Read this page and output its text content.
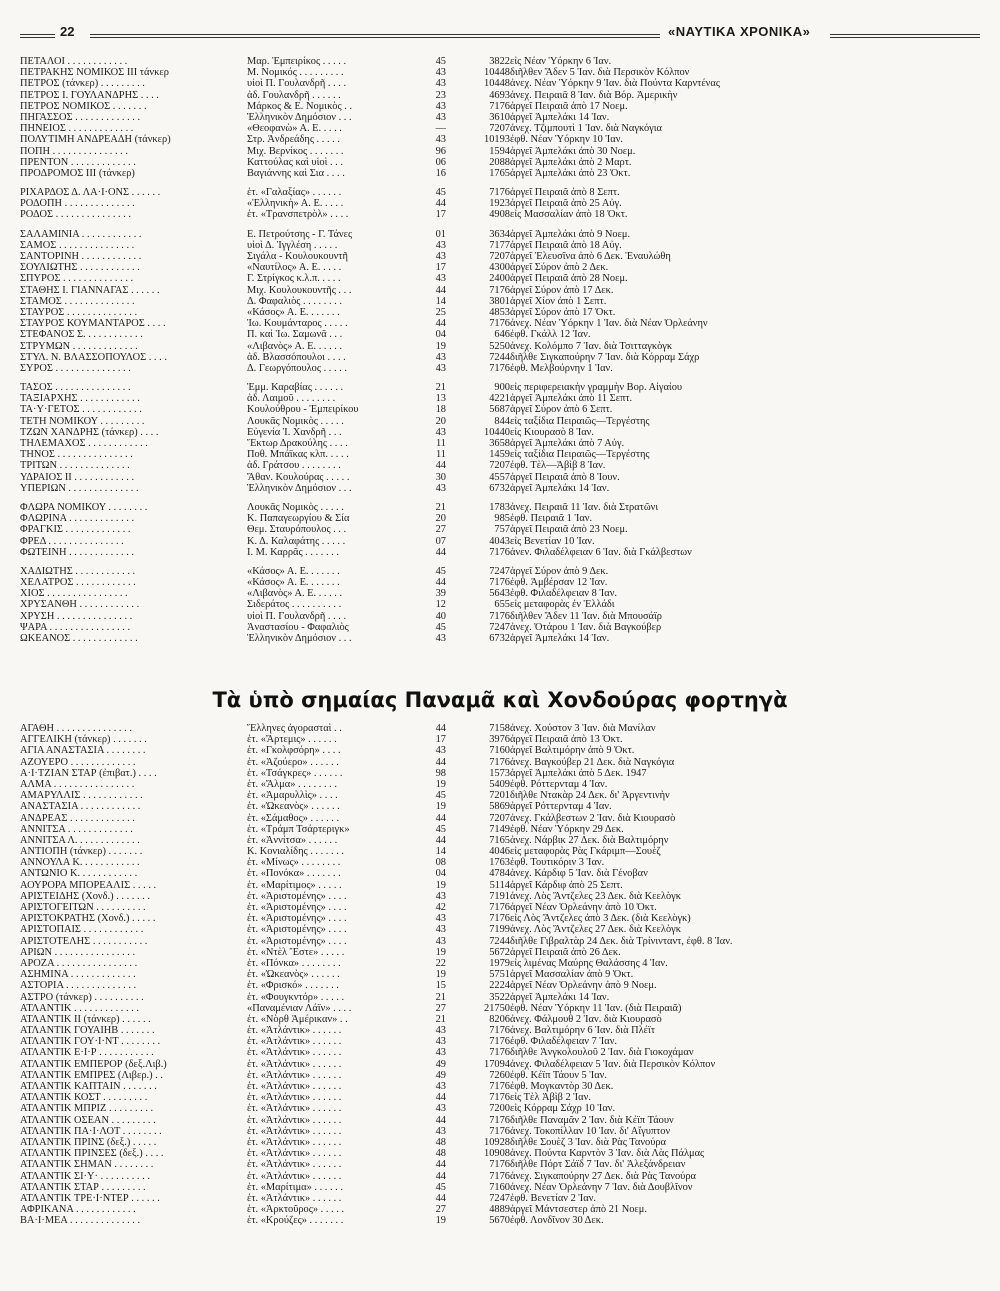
22	«ΝΑΥΤΙΚΑ ΧΡΟΝΙΚΑ»
ΠΕΤΑΛΟΙ . . . . . . . . . . . .	Μαρ. Ἐμπειρίκος . . . . .	45	3822 εἰς Νέαν Ὑόρκην 6 Ἰαν.
ΠΕΤΡΑΚΗΣ ΝΟΜΙΚΟΣ ΙΙΙ τάνκερ	Μ. Νομικός . . . . . . . . .	43	10448 διῆλθεν Ἄδεν 5 Ἰαν. διὰ Περσικὸν Κόλπον
ΠΕΤΡΟΣ (τάνκερ) . . . . . . . . .	υἱοὶ Π. Γουλανδρῆ . . . .	43	10448 ἀνεχ. Νέαν Ὑόρκην 9 Ἰαν. διὰ Πούντα Καρντένας
ΠΕΤΡΟΣ Ι. ΓΟΥΛΑΝΔΡΗΣ . . . .	ἀδ. Γουλανδρῆ . . . . . .	23	4693 ἀνεχ. Πειραιᾶ 8 Ἰαν. διὰ Βόρ. Ἀμερικὴν
ΠΕΤΡΟΣ ΝΟΜΙΚΟΣ . . . . . . .	Μάρκος & Ε. Νομικὸς . .	43	7176 ἀργεῖ Πειραιᾶ ἀπὸ 17 Νοεμ.
ΠΗΓΑΣΣΟΣ . . . . . . . . . . . . .	Ἑλληνικὸν Δημόσιον . . .	43	3610 ἀργεῖ Ἀμπελάκι 14 Ἰαν.
ΠΗΝΕΙΟΣ . . . . . . . . . . . . .	«Θεοφανὼ» Α. Ε. . . . .	—	7207 ἀνεχ. Τζιμπουτὶ 1 Ἰαν. διὰ Ναγκόγια
ΠΟΛΥΤΙΜΗ ΑΝΔΡΕΑΔΗ (τάνκερ)	Στρ. Ἀνδρεάδης . . . . .	43	10193 ἐφθ. Νέαν Ὑόρκην 10 Ἰαν.
ΠΟΠΗ . . . . . . . . . . . . . . .	Μιχ. Βερνίκος . . . . . . .	96	1594 ἀργεῖ Ἀμπελάκι ἀπὸ 30 Νοεμ.
ΠΡΕΝΤΟΝ . . . . . . . . . . . . .	Καττούλας καὶ υἱοὶ . . .	06	2088 ἀργεῖ Ἀμπελάκι ἀπὸ 2 Μαρτ.
ΠΡΟΔΡΟΜΟΣ ΙΙΙ (τάνκερ)	Βαγιάννης καὶ Σια . . . .	16	1765 ἀργεῖ Ἀμπελάκι ἀπὸ 23 Ὀκτ.
ΡΙΧΑΡΔΟΣ Δ. ΛΑ·Ι·ΟΝΣ . . . . . .	ἑτ. «Γαλαξίας» . . . . . .	45	7176 ἀργεῖ Πειραιᾶ ἀπὸ 8 Σεπτ.
ΡΟΔΟΠΗ . . . . . . . . . . . . . .	«Ἑλληνικὴ» Α. Ε. . . . .	44	1923 ἀργεῖ Πειραιᾶ ἀπὸ 25 Αὐγ.
ΡΟΔΟΣ . . . . . . . . . . . . . . .	ἑτ. «Τρανσπετρὸλ» . . . .	17	4908 εἰς Μασσαλίαν ἀπὸ 18 Ὀκτ.
ΣΑΛΑΜΙΝΙΑ . . . . . . . . . . . .	Ε. Πετρούτσης - Γ. Τάνες	01	3634 ἀργεῖ Ἀμπελάκι ἀπὸ 9 Νοεμ.
ΣΑΜΟΣ . . . . . . . . . . . . . . .	υἱοὶ Δ. Ἰγγλέση . . . . .	43	7177 ἀργεῖ Πειραιᾶ ἀπὸ 18 Αὐγ.
ΣΑΝΤΟΡΙΝΗ . . . . . . . . . . . .	Σιγάλα - Κουλουκουντῆ	43	7207 ἀργεῖ Ἐλευσῖνα ἀπὸ 6 Δεκ. Ἐναυλώθη
ΣΟΥΛΙΩΤΗΣ . . . . . . . . . . . .	«Ναυτίλος» Α. Ε. . . . .	17	4300 ἀργεῖ Σύρον ἀπὸ 2 Δεκ.
ΣΠΥΡΟΣ . . . . . . . . . . . . . .	Γ. Στρίγκος κ.λ.π. . . . .	43	2400 ἀργεῖ Πειραιᾶ ἀπὸ 28 Νοεμ.
ΣΤΑΘΗΣ Ι. ΓΙΑΝΝΑΓΑΣ . . . . . .	Μιχ. Κουλουκουντῆς . . .	44	7176 ἀργεῖ Σύρον ἀπὸ 17 Δεκ.
ΣΤΑΜΟΣ . . . . . . . . . . . . . .	Δ. Φαφαλιὸς . . . . . . . .	14	3801 ἀργεῖ Χίον ἀπὸ 1 Σεπτ.
ΣΤΑΥΡΟΣ . . . . . . . . . . . . . .	«Κάσος» Α. Ε. . . . . . .	25	4853 ἀργεῖ Σύρον ἀπὸ 17 Ὀκτ.
ΣΤΑΥΡΟΣ ΚΟΥΜΑΝΤΑΡΟΣ . . . .	Ἰω. Κουμάνταρος . . . . .	44	7176 ἀνεχ. Νέαν Ὑόρκην 1 Ἰαν. διὰ Νέαν Ὀρλεάνην
ΣΤΕΦΑΝΟΣ Σ. . . . . . . . . . . .	Π. καὶ Ἰω. Σαμωνᾶ . . .	04	646 ἐφθ. Γκάλλ 12 Ἰαν.
ΣΤΡΥΜΩΝ . . . . . . . . . . . . .	«Λιβανὸς» Α. Ε. . . . . .	19	5250 ἀνεχ. Κολόμπο 7 Ἰαν. διὰ Τσιτταγκὸγκ
ΣΤΥΛ. Ν. ΒΛΑΣΣΟΠΟΥΛΟΣ . . . .	ἀδ. Βλασσόπουλοι . . . .	43	7244 διῆλθε Σιγκαπούρην 7 Ἰαν. διὰ Κόρραμ Σάχρ
ΣΥΡΟΣ . . . . . . . . . . . . . . .	Δ. Γεωργόπουλος . . . . .	43	7176 ἐφθ. Μελβούρνην 1 Ἰαν.
ΤΑΣΟΣ . . . . . . . . . . . . . . .	Ἐμμ. Καραβίας . . . . . .	21	900 εἰς περιφερειακὴν γραμμὴν Βορ. Αἰγαίου
ΤΑΞΙΑΡΧΗΣ . . . . . . . . . . . .	ἀδ. Λαιμοῦ . . . . . . . .	13	4221 ἀργεῖ Ἀμπελάκι ἀπὸ 11 Σεπτ.
ΤΑ·Υ·ΓΕΤΟΣ . . . . . . . . . . . .	Κουλούθρου - Ἐμπειρίκου	18	5687 ἀργεῖ Σύρον ἀπὸ 6 Σεπτ.
ΤΕΤΗ ΝΟΜΙΚΟΥ . . . . . . . . .	Λουκᾶς Νομικὸς . . . . .	20	844 εἰς ταξίδια Πειραιῶς—Τεργέστης
ΤΖΩΝ ΧΑΝΔΡΗΣ (τάνκερ) . . . .	Εὐγενία Ἰ. Χανδρῆ . . .	43	10440 εἰς Κιουρασὸ 8 Ἰαν.
ΤΗΛΕΜΑΧΟΣ . . . . . . . . . . . .	Ἕκτωρ Δρακούλης . . . .	11	3658 ἀργεῖ Ἀμπελάκι ἀπὸ 7 Αὐγ.
ΤΗΝΟΣ . . . . . . . . . . . . . . .	Ποθ. Μπάϊκας κλπ. . . . .	11	1459 εἰς ταξίδια Πειραιῶς—Τεργέστης
ΤΡΙΤΩΝ . . . . . . . . . . . . . .	ἀδ. Γράτσου . . . . . . . .	44	7207 ἐφθ. Τὲλ—Ἀβὶβ 8 Ἰαν.
ΥΔΡΑΙΟΣ ΙΙ . . . . . . . . . . . .	Ἄθαν. Κουλούρας . . . . .	30	4557 ἀργεῖ Πειραιᾶ ἀπὸ 8 Ἰουν.
ΥΠΕΡΙΩΝ . . . . . . . . . . . . . .	Ἑλληνικὸν Δημόσιον . . .	43	6732 ἀργεῖ Ἀμπελάκι 14 Ἰαν.
ΦΛΩΡΑ ΝΟΜΙΚΟΥ . . . . . . . .	Λουκᾶς Νομικὸς . . . . .	21	1783 ἀνεχ. Πειραιᾶ 11 Ἰαν. διὰ Στρατῶνι
ΦΛΩΡΙΝΑ . . . . . . . . . . . . .	Κ. Παπαγεωργίου & Σία	20	985 ἐφθ. Πειραιᾶ 1 Ἰαν.
ΦΡΑΓΚΙΣ . . . . . . . . . . . . .	Θεμ. Σταυρόπουλος . . .	27	757 ἀργεῖ Πειραιᾶ ἀπὸ 23 Νοεμ.
ΦΡΕΔ . . . . . . . . . . . . . . .	Κ. Δ. Καλαφάτης . . . . .	07	4043 εἰς Βενετίαν 10 Ἰαν.
ΦΩΤΕΙΝΗ . . . . . . . . . . . . .	Ι. Μ. Καρρᾶς . . . . . . .	44	7176 ἀνεν. Φιλαδέλφειαν 6 Ἰαν. διὰ Γκάλβεστων
ΧΑΔΙΩΤΗΣ . . . . . . . . . . . .	«Κάσος» Α. Ε. . . . . . .	45	7247 ἀργεῖ Σύρον ἀπὸ 9 Δεκ.
ΧΕΛΑΤΡΟΣ . . . . . . . . . . . .	«Κάσος» Α. Ε. . . . . . .	44	7176 ἐφθ. Ἀμβέρσαν 12 Ἰαν.
ΧΙΟΣ . . . . . . . . . . . . . . . .	«Λιβανὸς» Α. Ε. . . . . .	39	5643 ἐφθ. Φιλαδέλφειαν 8 Ἰαν.
ΧΡΥΣΑΝΘΗ . . . . . . . . . . . .	Σιδεράτος . . . . . . . . . .	12	655 εἰς μεταφορὰς ἐν Ἑλλάδι
ΧΡΥΣΗ . . . . . . . . . . . . . . .	υἱοὶ Π. Γουλανδρῆ . . . .	40	7176 διῆλθεν Ἄδεν 11 Ἰαν. διὰ Μπουσάϊρ
ΨΑΡΑ . . . . . . . . . . . . . . . .	Ἀναστασίου - Φαφαλιὸς	45	7247 ἀνεχ. Ὀτάρου 1 Ἰαν. διὰ Βαγκούβερ
ΩΚΕΑΝΟΣ . . . . . . . . . . . . .	Ἑλληνικὸν Δημόσιον . . .	43	6732 ἀργεῖ Ἀμπελάκι 14 Ἰαν.
Τὰ ὑπὸ σημαίας Παναμᾶ καὶ Χονδούρας φορτηγὰ
ΑΓΑΘΗ . . . . . . . . . . . . . . .	Ἕλληνες ἀγορασταὶ . .	44	7158 ἀνεχ. Χούστον 3 Ἰαν. διὰ Μανίλαν
ΑΓΓΕΛΙΚΗ (τάνκερ) . . . . . . .	ἑτ. «Ἄρτεμις» . . . . . .	17	3976 ἀργεῖ Πειραιᾶ ἀπὸ 13 Ὀκτ.
ΑΓΙΑ ΑΝΑΣΤΑΣΙΑ . . . . . . . .	ἑτ. «Γκολφσόρη» . . . .	43	7160 ἀργεῖ Βαλτιμόρην ἀπὸ 9 Ὀκτ.
ΑΖΟΥΕΡΟ . . . . . . . . . . . . .	ἑτ. «Ἀζούερο» . . . . . .	44	7176 ἀνεχ. Βαγκούβερ 21 Δεκ. διὰ Ναγκόγια
Α·Ι·ΤΖΙΑΝ ΣΤΑΡ (ἐπιβατ.) . . . .	ἑτ. «Τσάγκρες» . . . . . .	98	1573 ἀργεῖ Ἀμπελάκι ἀπὸ 5 Δεκ. 1947
ΑΛΜΑ . . . . . . . . . . . . . . . .	ἑτ. «Ἄλμα» . . . . . . . .	19	5409 ἐφθ. Ρόττερνταμ 4 Ἰαν.
ΑΜΑΡΥΛΛΙΣ . . . . . . . . . . . .	ἑτ. «Ἀμαρυλλὶς» . . . .	45	7201 διῆλθε Ντακὰρ 24 Δεκ. δι' Ἀργεντινὴν
ΑΝΑΣΤΑΣΙΑ . . . . . . . . . . . .	ἑτ. «Ὠκεανὸς» . . . . . .	19	5869 ἀργεῖ Ρόττερνταμ 4 Ἰαν.
ΑΝΔΡΕΑΣ . . . . . . . . . . . . .	ἑτ. «Σάμαθος» . . . . . .	44	7207 ἀνεχ. Γκάλβεστων 2 Ἰαν. διὰ Κιουρασὸ
ΑΝΝΙΤΣΑ . . . . . . . . . . . . .	ἑτ. «Τράμπ Τσάρτεριγκ»	45	7149 ἐφθ. Νέαν Ὑόρκην 29 Δεκ.
ΑΝΝΙΤΣΑ Λ. . . . . . . . . . . . .	ἑτ. «Ἀννίτσα» . . . . . .	44	7165 ἀνεχ. Νάρβικ 27 Δεκ. διὰ Βαλτιμόρην
ΑΝΤΙΟΠΗ (τάνκερ) . . . . . . .	Κ. Κονιαλίδης . . . . . . .	14	4046 εἰς μεταφορὰς Ρὰς Γκάριμπ—Σουὲζ
ΑΝΝΟΥΛΑ Κ. . . . . . . . . . . .	ἑτ. «Μίνως» . . . . . . . .	08	1763 ἐφθ. Τουτικόριν 3 Ἰαν.
ΑΝΤΩΝΙΟ Κ. . . . . . . . . . . .	ἑτ. «Πονόκα» . . . . . . .	04	4784 ἀνεχ. Κάρδιφ 5 Ἰαν. διὰ Γένοβαν
ΑΟΥΡΟΡΑ ΜΠΟΡΕΑΛΙΣ . . . . .	ἑτ. «Μαρίτιμος» . . . . .	19	5114 ἀργεῖ Κάρδιφ ἀπὸ 25 Σεπτ.
ΑΡΙΣΤΕΙΔΗΣ (Χονδ.) . . . . . . .	ἑτ. «Ἀριστομένης» . . . .	43	7191 ἀνεχ. Λὸς Ἄντζελες 23 Δεκ. διὰ Κεελὸγκ
ΑΡΙΣΤΟΓΕΙΤΩΝ . . . . . . . . . .	ἑτ. «Ἀριστομένης» . . . .	42	7176 ἀργεῖ Νέαν Ὀρλεάνην ἀπὸ 10 Ὀκτ.
ΑΡΙΣΤΟΚΡΑΤΗΣ (Χονδ.) . . . . .	ἑτ. «Ἀριστομένης» . . . .	43	7176 εἰς Λὸς Ἄντζελες ἀπὸ 3 Δεκ. (διὰ Κεελὸγκ)
ΑΡΙΣΤΟΠΑΙΣ . . . . . . . . . . . .	ἑτ. «Ἀριστομένης» . . . .	43	7199 ἀνεχ. Λὸς Ἄντζελες 27 Δεκ. διὰ Κεελὸγκ
ΑΡΙΣΤΟΤΕΛΗΣ . . . . . . . . . . .	ἑτ. «Ἀριστομένης» . . . .	43	7244 διῆλθε Γιβραλτὰρ 24 Δεκ. διὰ Τρίνινταντ, ἐφθ. 8 Ἰαν.
ΑΡΙΩΝ . . . . . . . . . . . . . . . .	ἑτ. «Ντὲλ Ἔστε» . . . . .	19	5672 ἀργεῖ Πειραιᾶ ἀπὸ 26 Δεκ.
ΑΡΟΖΑ . . . . . . . . . . . . . . . .	ἑτ. «Πόνκα» . . . . . . . .	22	1979 εἰς λιμένας Μαύρης Θαλάσσης 4 Ἰαν.
ΑΣΗΜΙΝΑ . . . . . . . . . . . . .	ἑτ. «Ὠκεανὸς» . . . . . .	19	5751 ἀργεῖ Μασσαλίαν ἀπὸ 9 Ὀκτ.
ΑΣΤΟΡΙΑ . . . . . . . . . . . . . .	ἑτ. «Φρισκό» . . . . . . .	15	2224 ἀργεῖ Νέαν Ὀρλεάνην ἀπὸ 9 Νοεμ.
ΑΣΤΡΟ (τάνκερ) . . . . . . . . . .	ἑτ. «Φουγκντόρ» . . . . .	21	3522 ἀργεῖ Ἀμπελάκι 14 Ἰαν.
ΑΤΛΑΝΤΙΚ . . . . . . . . . . . . .	«Παναμένιαν Λάϊν» . . . .	27	21750 ἐφθ. Νέαν Ὑόρκην 11 Ἰαν. (διὰ Πειραιᾶ)
ΑΤΛΑΝΤΙΚ ΙΙ (τάνκερ) . . . . . .	ἑτ. «Νὸρθ Ἀμέρικαν» . .	21	8206 ἀνεχ. Φάλμουθ 2 Ἰαν. διὰ Κιουρασὸ
ΑΤΛΑΝΤΙΚ ΓΟΥΑΙΗΒ . . . . . . .	ἑτ. «Ἀτλάντικ» . . . . . .	43	7176 ἀνεχ. Βαλτιμόρην 6 Ἰαν. διὰ Πλέϊτ
ΑΤΛΑΝΤΙΚ ΓΟΥ·Ι·ΝΤ . . . . . . . .	ἑτ. «Ἀτλάντικ» . . . . . .	43	7176 ἐφθ. Φιλαδέλφειαν 7 Ἰαν.
ΑΤΛΑΝΤΙΚ Ε·Ι·Ρ . . . . . . . . . . .	ἑτ. «Ἀτλάντικ» . . . . . .	43	7176 διῆλθε Ἀνγκολουλοῦ 2 Ἰαν. διὰ Γιοκοχάμαν
ΑΤΛΑΝΤΙΚ ΕΜΠΕΡΟΡ (δεξ.Λιβ.)	ἑτ. «Ἀτλάντικ» . . . . . .	49	17094 ἀνεχ. Φιλαδέλφειαν 5 Ἰαν. διὰ Περσικὸν Κόλπον
ΑΤΛΑΝΤΙΚ ΕΜΠΡΕΣ (Λιβερ.) . .	ἑτ. «Ἀτλάντικ» . . . . . .	49	7260 ἐφθ. Κέϊπ Τάουν 5 Ἰαν.
ΑΤΛΑΝΤΙΚ ΚΑΠΤΑΙΝ . . . . . . .	ἑτ. «Ἀτλάντικ» . . . . . .	43	7176 ἐφθ. Μογκαντὸρ 30 Δεκ.
ΑΤΛΑΝΤΙΚ ΚΟΣΤ . . . . . . . . .	ἑτ. «Ἀτλάντικ» . . . . . .	44	7176 εἰς Τὲλ Ἀβὶβ 2 Ἰαν.
ΑΤΛΑΝΤΙΚ ΜΠΡΙΖ . . . . . . . . .	ἑτ. «Ἀτλάντικ» . . . . . .	43	7200 εἰς Κόρραμ Σάχρ 10 Ἰαν.
ΑΤΛΑΝΤΙΚ ΟΣΕΑΝ . . . . . . . . .	ἑτ. «Ἀτλάντικ» . . . . . .	44	7176 διῆλθε Παναμᾶν 2 Ἰαν. διὰ Κέϊπ Τάουν
ΑΤΛΑΝΤΙΚ ΠΑ·Ι·ΛΟΤ . . . . . . . .	ἑτ. «Ἀτλάντικ» . . . . . .	43	7176 ἀνεχ. Τοκοπίλλαν 10 Ἰαν. δι' Αἴγυπτον
ΑΤΛΑΝΤΙΚ ΠΡΙΝΣ (δεξ.) . . . . .	ἑτ. «Ἀτλάντικ» . . . . . .	48	10928 διῆλθε Σουὲζ 3 Ἰαν. διὰ Ρὰς Τανούρα
ΑΤΛΑΝΤΙΚ ΠΡΙΝΣΕΣ (δεξ.) . . . .	ἑτ. «Ἀτλάντικ» . . . . . .	48	10908 ἀνεχ. Πούντα Καρντὸν 3 Ἰαν. διὰ Λὰς Πάλμας
ΑΤΛΑΝΤΙΚ ΣΗΜΑΝ . . . . . . . .	ἑτ. «Ἀτλάντικ» . . . . . .	44	7176 διῆλθε Πόρτ Σάϊδ 7 Ἰαν. δι' Ἀλεξάνδρειαν
ΑΤΛΑΝΤΙΚ ΣΙ·Υ· . . . . . . . . . .	ἑτ. «Ἀτλάντικ» . . . . . .	44	7176 ἀνεχ. Σιγκαπούρην 27 Δεκ. διὰ Ρὰς Τανούρα
ΑΤΛΑΝΤΙΚ ΣΤΑΡ . . . . . . . . .	ἑτ. «Μαρίτιμα» . . . . . .	45	7160 ἀνεχ. Νέαν Ὀρλεάνην 7 Ἰαν. διὰ Δουβλῖνον
ΑΤΛΑΝΤΙΚ ΤΡΕ·Ι·ΝΤΕΡ . . . . . .	ἑτ. «Ἀτλάντικ» . . . . . .	44	7247 ἐφθ. Βενετίαν 2 Ἰαν.
ΑΦΡΙΚΑΝΑ . . . . . . . . . . . .	ἑτ. «Ἀρκτοῦρος» . . . . .	27	4889 ἀργεῖ Μάντσεστερ ἀπὸ 21 Νοεμ.
ΒΑ·Ι·ΜΕΑ . . . . . . . . . . . . . .	ἑτ. «Κρούζες» . . . . . . .	19	5670 ἐφθ. Λονδῖνον 30 Δεκ.
